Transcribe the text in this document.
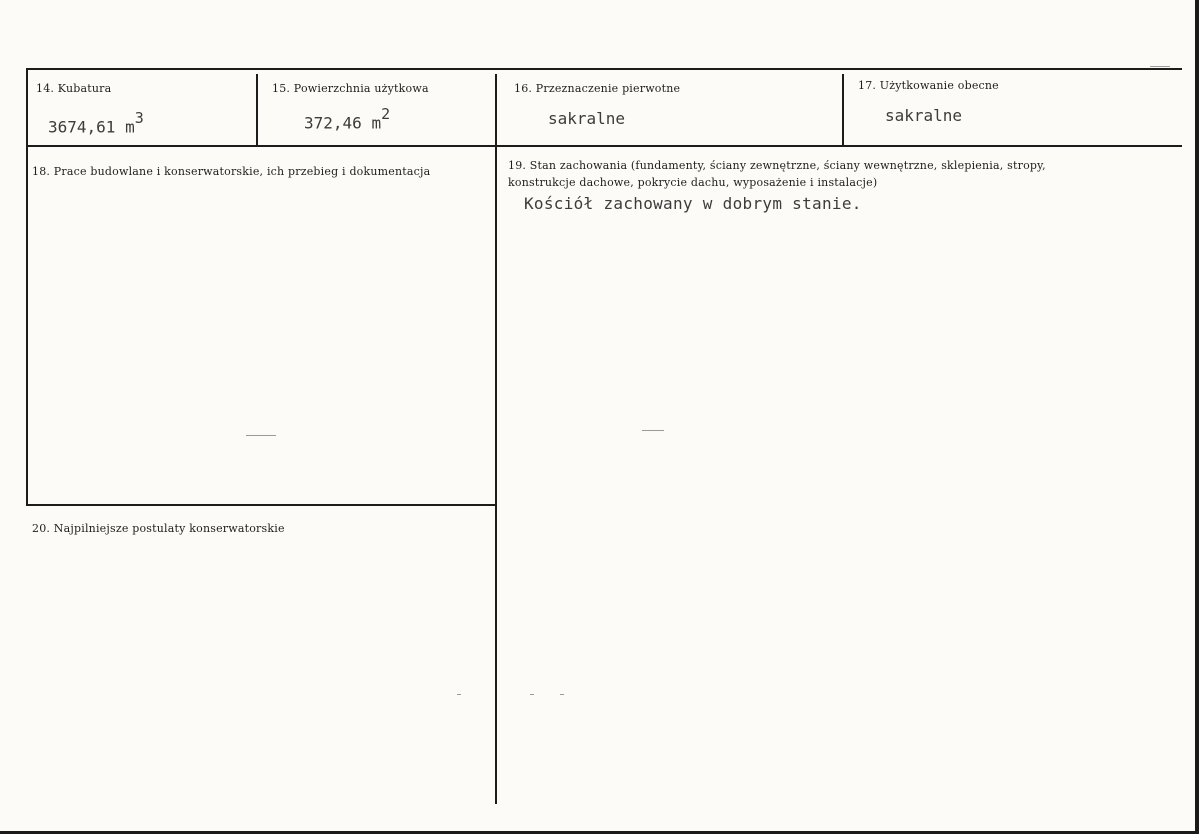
14. Kubatura
3674,61 $m^3$
15. Powierzchnia użytkowa
372,46 $m^2$
16. Przeznaczenie pierwotne
sakralne
17. Użytkowanie obecne
sakralne
18. Prace budowlane i konserwatorskie, ich przebieg i dokumentacja	19. Stan zachowania (fundamenty, ściany zewnętrzne, ściany wewnętrzne, sklepienia, stropy, konstrukcje dachowe, pokrycie dachu, wyposażenie i instalacje)
Kościół zachowany w dobrym stanie.
20. Najpilniejsze postulaty konserwatorskie
